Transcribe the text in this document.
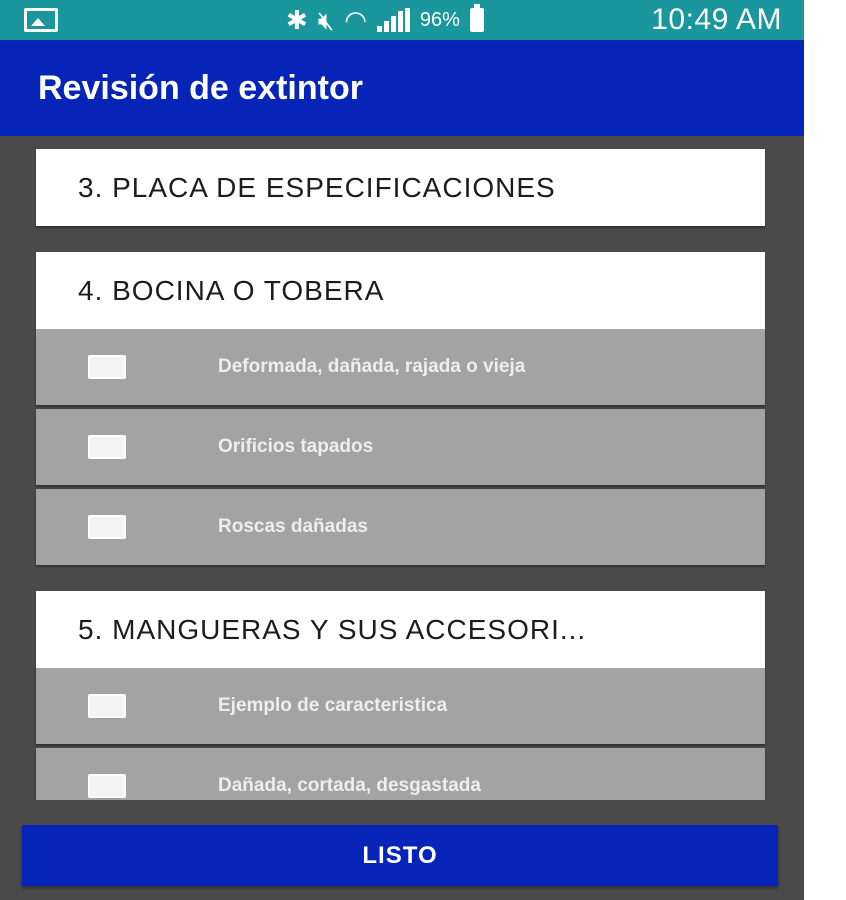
✱ 🔇︎ ◠	96%	10:49 AM
Revisión de extintor
3. PLACA DE ESPECIFICACIONES
4. BOCINA O TOBERA
Deformada, dañada, rajada o vieja
Orificios tapados
Roscas dañadas
5. MANGUERAS Y SUS ACCESORI...
Ejemplo de caracteristica
Dañada, cortada, desgastada
LISTO
